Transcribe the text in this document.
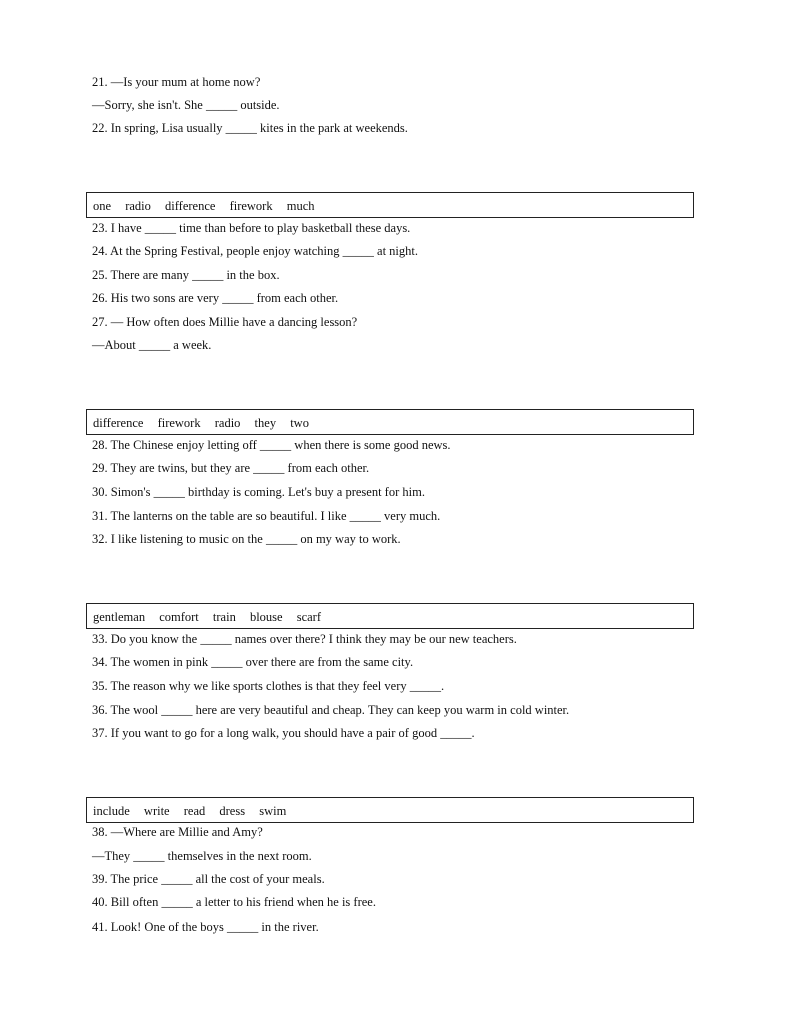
21. —Is your mum at home now?
—Sorry, she isn't. She _____ outside.
22. In spring, Lisa usually _____ kites in the park at weekends.
one radio difference firework much
23. I have _____ time than before to play basketball these days.
24. At the Spring Festival, people enjoy watching _____ at night.
25. There are many _____ in the box.
26. His two sons are very _____ from each other.
27. — How often does Millie have a dancing lesson?
—About _____ a week.
difference firework radio they two
28. The Chinese enjoy letting off _____ when there is some good news.
29. They are twins, but they are _____ from each other.
30. Simon's _____ birthday is coming. Let's buy a present for him.
31. The lanterns on the table are so beautiful. I like _____ very much.
32. I like listening to music on the _____ on my way to work.
gentleman comfort train blouse scarf
33. Do you know the _____ names over there? I think they may be our new teachers.
34. The women in pink _____ over there are from the same city.
35. The reason why we like sports clothes is that they feel very _____.
36. The wool _____ here are very beautiful and cheap. They can keep you warm in cold winter.
37. If you want to go for a long walk, you should have a pair of good _____.
include write read dress swim
38. —Where are Millie and Amy?
—They _____ themselves in the next room.
39. The price _____ all the cost of your meals.
40. Bill often _____ a letter to his friend when he is free.
41. Look! One of the boys _____ in the river.
